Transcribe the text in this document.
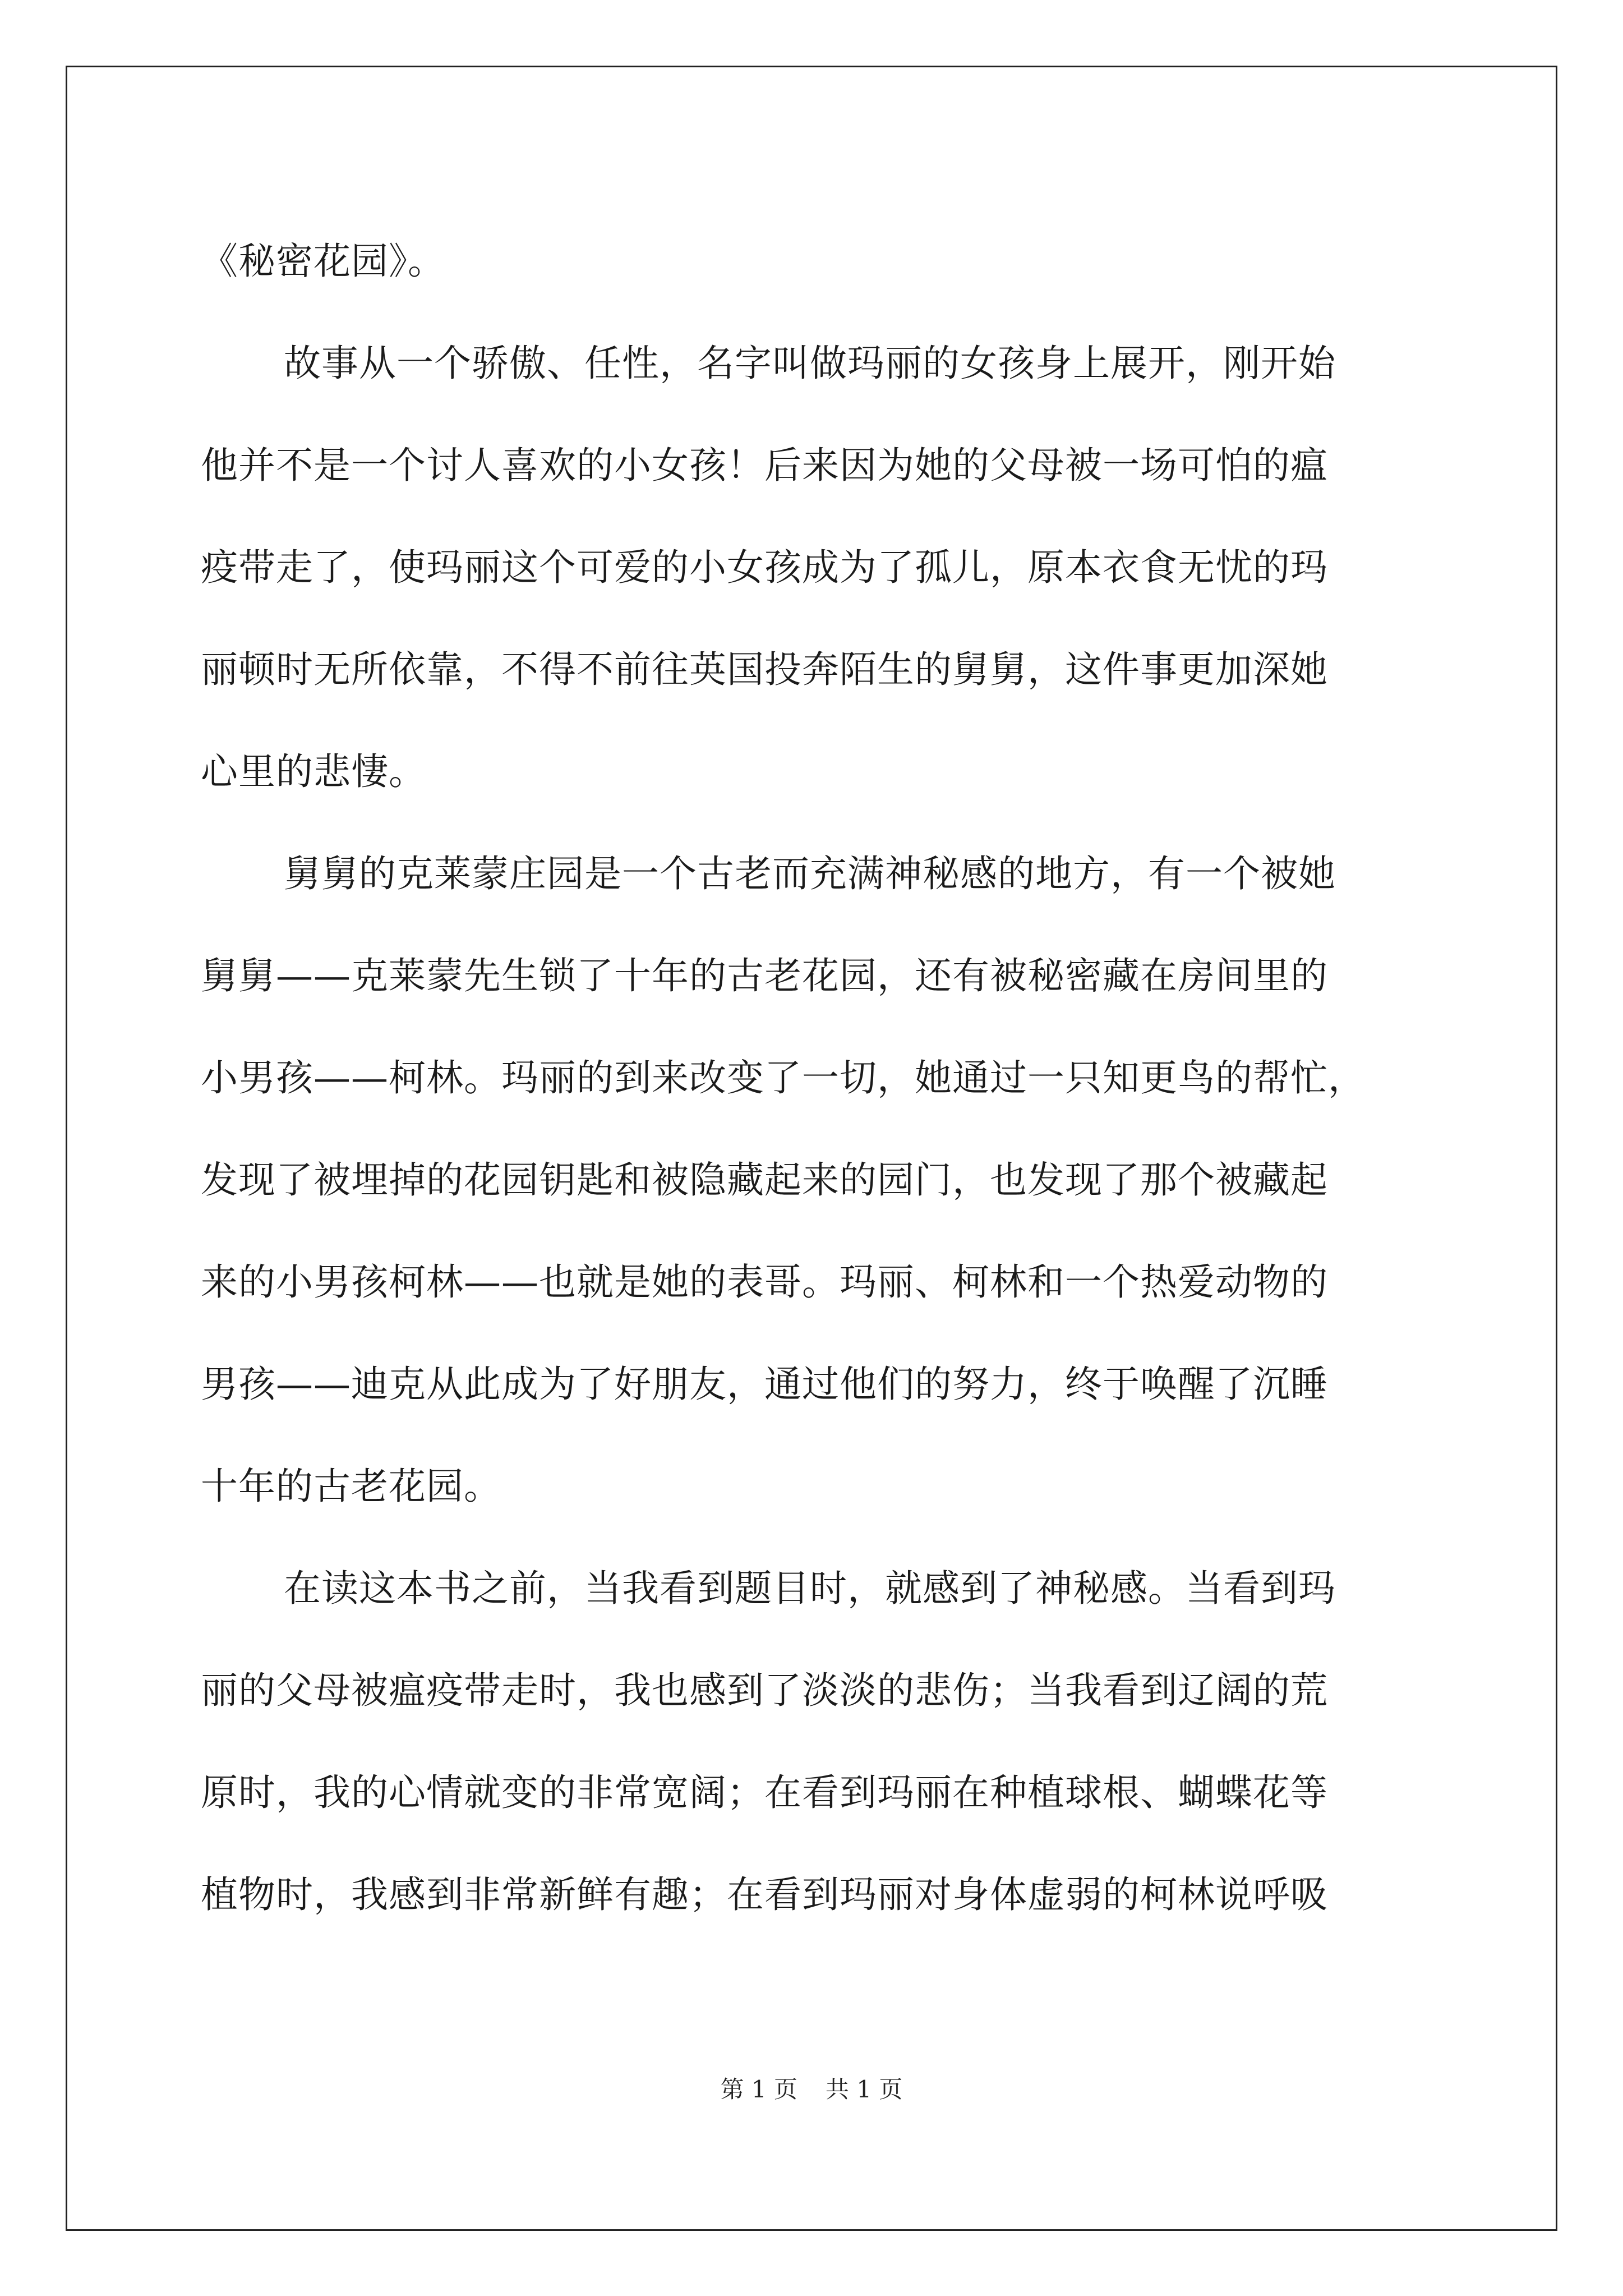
《秘密花园》。
故事从一个骄傲、任性，名字叫做玛丽的女孩身上展开，刚开始
他并不是一个讨人喜欢的小女孩！后来因为她的父母被一场可怕的瘟
疫带走了，使玛丽这个可爱的小女孩成为了孤儿，原本衣食无忧的玛
丽顿时无所依靠，不得不前往英国投奔陌生的舅舅，这件事更加深她
心里的悲悽。
舅舅的克莱蒙庄园是一个古老而充满神秘感的地方，有一个被她
舅舅——克莱蒙先生锁了十年的古老花园，还有被秘密藏在房间里的
小男孩——柯林。玛丽的到来改变了一切，她通过一只知更鸟的帮忙，
发现了被埋掉的花园钥匙和被隐藏起来的园门，也发现了那个被藏起
来的小男孩柯林——也就是她的表哥。玛丽、柯林和一个热爱动物的
男孩——迪克从此成为了好朋友，通过他们的努力，终于唤醒了沉睡
十年的古老花园。
在读这本书之前，当我看到题目时，就感到了神秘感。当看到玛
丽的父母被瘟疫带走时，我也感到了淡淡的悲伤；当我看到辽阔的荒
原时，我的心情就变的非常宽阔；在看到玛丽在种植球根、蝴蝶花等
植物时，我感到非常新鲜有趣；在看到玛丽对身体虚弱的柯林说呼吸
第 1 页 共 1 页
